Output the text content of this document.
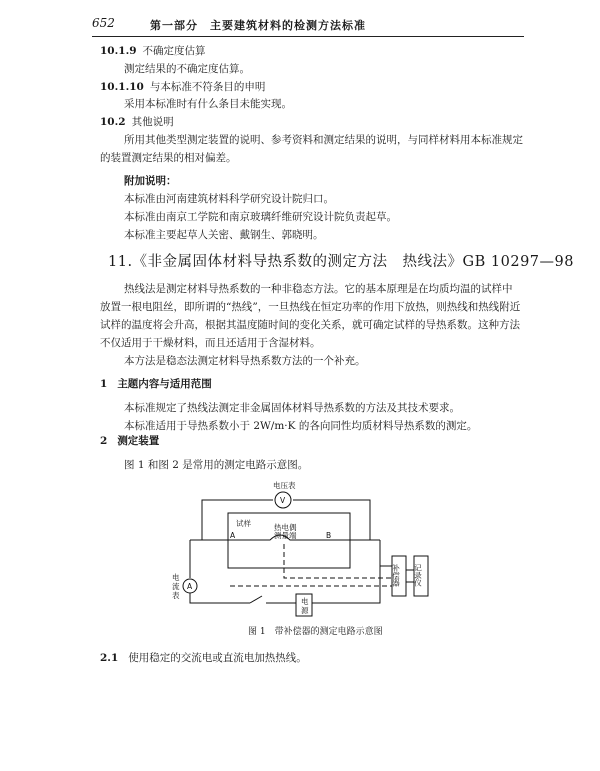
652	第一部分　主要建筑材料的检测方法标准
10.1.9 不确定度估算
测定结果的不确定度估算。
10.1.10 与本标准不符条目的申明
采用本标准时有什么条目未能实现。
10.2 其他说明
所用其他类型测定装置的说明、参考资料和测定结果的说明，与同样材料用本标准规定
的装置测定结果的相对偏差。
附加说明：
本标准由河南建筑材料科学研究设计院归口。
本标准由南京工学院和南京玻璃纤维研究设计院负责起草。
本标准主要起草人关密、戴钢生、郭晓明。
11.《非金属固体材料导热系数的测定方法　热线法》GB 10297—98
热线法是测定材料导热系数的一种非稳态方法。它的基本原理是在均质均温的试样中
放置一根电阻丝，即所谓的“热线”，一旦热线在恒定功率的作用下放热，则热线和热线附近
试样的温度将会升高，根据其温度随时间的变化关系，就可确定试样的导热系数。这种方法
不仅适用于干燥材料，而且还适用于含湿材料。
本方法是稳态法测定材料导热系数方法的一个补充。
1 主题内容与适用范围
本标准规定了热线法测定非金属固体材料导热系数的方法及其技术要求。
本标准适用于导热系数小于 2W/m·K 的各向同性均质材料导热系数的测定。
2 测定装置
图 1 和图 2 是常用的测定电路示意图。
电压表
V
试样	热电偶
测量端
A	B
补偿器 记录仪
电
流
表
A
电
源
图 1　带补偿器的测定电路示意图
2.1 使用稳定的交流电或直流电加热热线。
